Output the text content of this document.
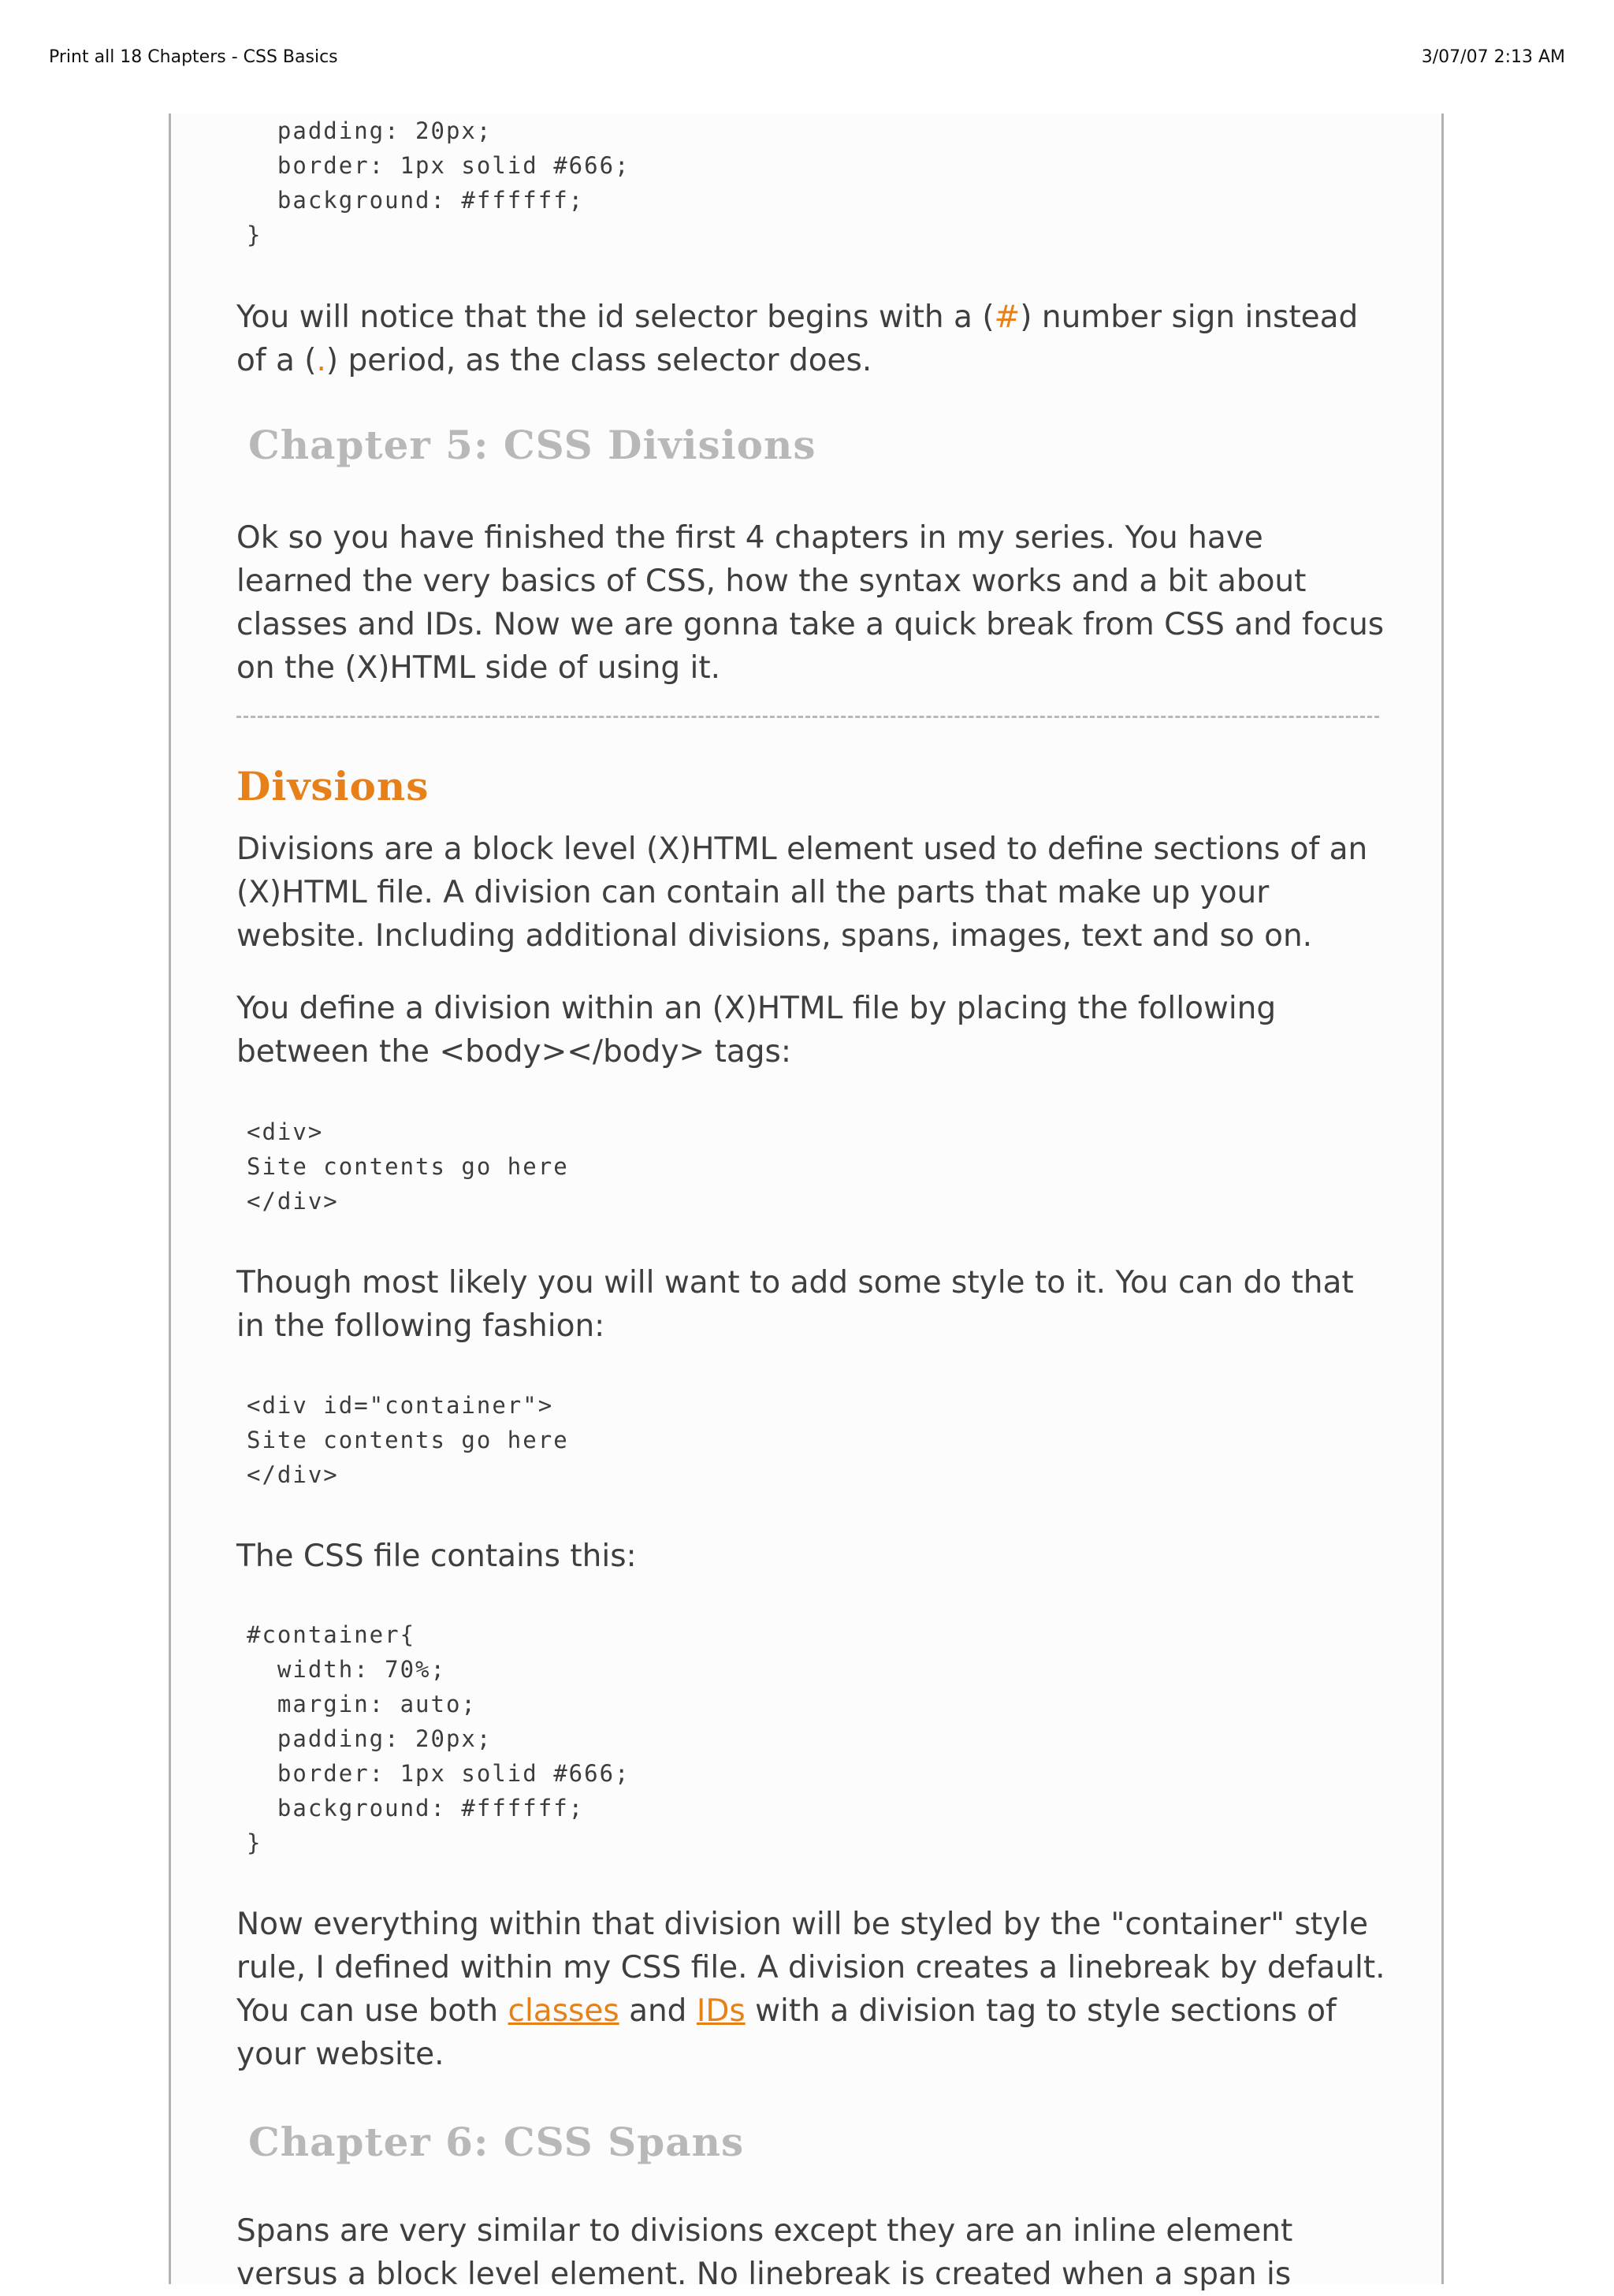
Print all 18 Chapters - CSS Basics	3/07/07 2:13 AM
padding: 20px;
border: 1px solid #666;
background: #ffffff;
}

You will notice that the id selector begins with a (#) number sign instead of a (.) period, as the class selector does.

Chapter 5: CSS Divisions

Ok so you have finished the first 4 chapters in my series. You have learned the very basics of CSS, how the syntax works and a bit about classes and IDs. Now we are gonna take a quick break from CSS and focus on the (X)HTML side of using it.

Divsions

Divisions are a block level (X)HTML element used to define sections of an (X)HTML file. A division can contain all the parts that make up your website. Including additional divisions, spans, images, text and so on.

You define a division within an (X)HTML file by placing the following between the <body></body> tags:

<div>
Site contents go here
</div>

Though most likely you will want to add some style to it. You can do that in the following fashion:

<div id="container">
Site contents go here
</div>

The CSS file contains this:

#container{
width: 70%;
margin: auto;
padding: 20px;
border: 1px solid #666;
background: #ffffff;
}

Now everything within that division will be styled by the "container" style rule, I defined within my CSS file. A division creates a linebreak by default. You can use both classes and IDs with a division tag to style sections of your website.

Chapter 6: CSS Spans

Spans are very similar to divisions except they are an inline element versus a block level element. No linebreak is created when a span is
